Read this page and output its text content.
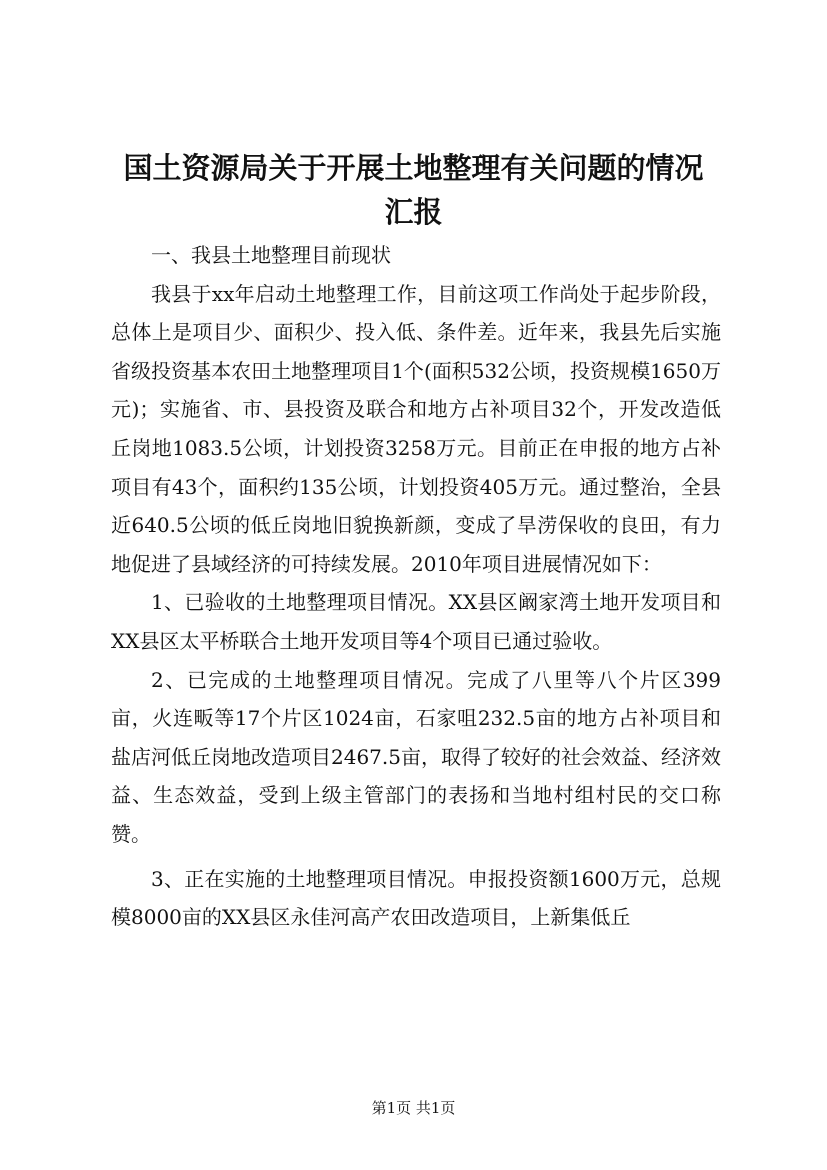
国土资源局关于开展土地整理有关问题的情况
汇报

一、我县土地整理目前现状

我县于xx年启动土地整理工作，目前这项工作尚处于起步阶段，总体上是项目少、面积少、投入低、条件差。近年来，我县先后实施省级投资基本农田土地整理项目1个(面积532公顷，投资规模1650万元)；实施省、市、县投资及联合和地方占补项目32个，开发改造低丘岗地1083.5公顷，计划投资3258万元。目前正在申报的地方占补项目有43个，面积约135公顷，计划投资405万元。通过整治，全县近640.5公顷的低丘岗地旧貌换新颜，变成了旱涝保收的良田，有力地促进了县域经济的可持续发展。2010年项目进展情况如下：

1、已验收的土地整理项目情况。XX县区阚家湾土地开发项目和XX县区太平桥联合土地开发项目等4个项目已通过验收。

2、已完成的土地整理项目情况。完成了八里等八个片区399亩，火连畈等17个片区1024亩，石家咀232.5亩的地方占补项目和盐店河低丘岗地改造项目2467.5亩，取得了较好的社会效益、经济效益、生态效益，受到上级主管部门的表扬和当地村组村民的交口称赞。

3、正在实施的土地整理项目情况。申报投资额1600万元，总规模8000亩的XX县区永佳河高产农田改造项目，上新集低丘

第1页 共1页
